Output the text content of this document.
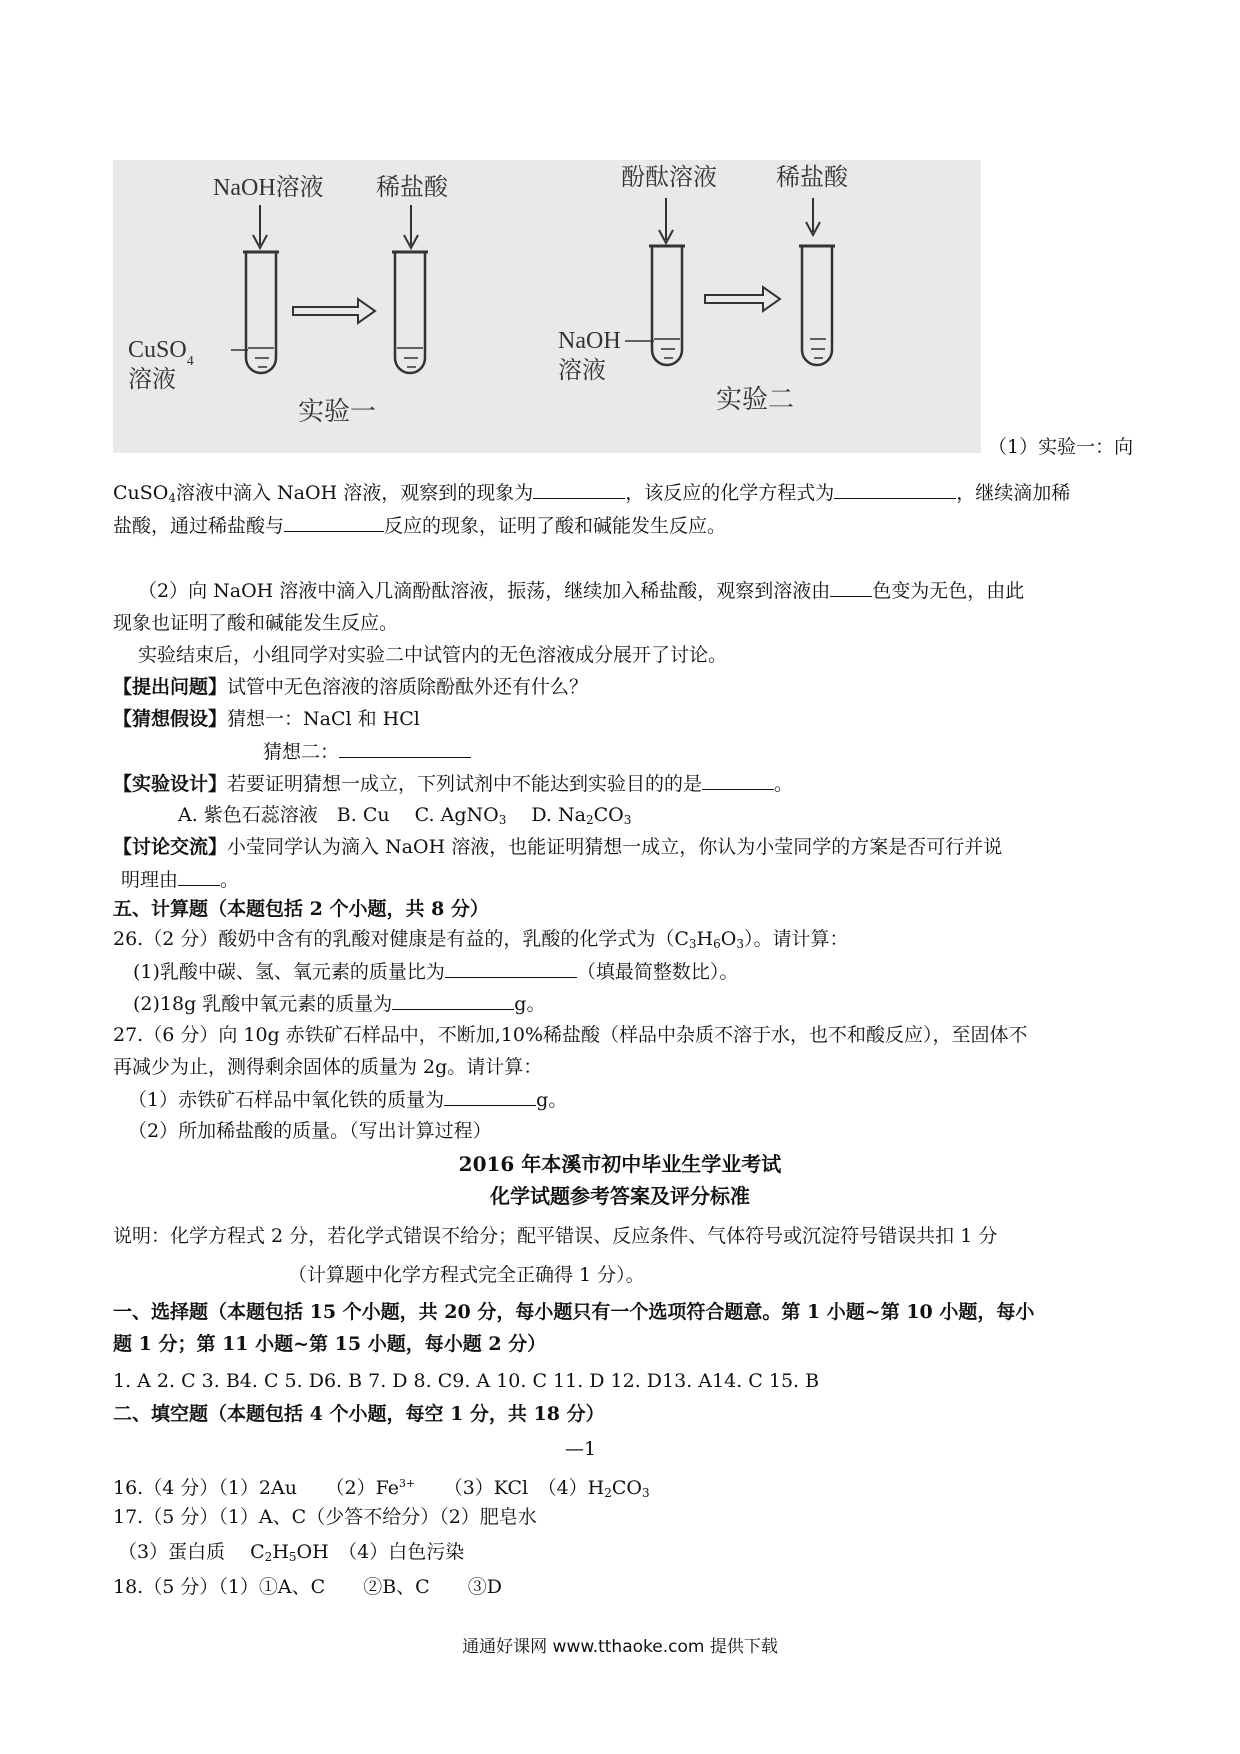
NaOH溶液 稀盐酸
CuSO$_4$
溶液
实验一
酚酞溶液 稀盐酸
NaOH
溶液
实验二
（1）实验一：向
CuSO$_4$溶液中滴入 NaOH 溶液，观察到的现象为	，该反应的化学方程式为	，继续滴加稀
盐酸，通过稀盐酸与	反应的现象，证明了酸和碱能发生反应。
（2）向 NaOH 溶液中滴入几滴酚酞溶液，振荡，继续加入稀盐酸，观察到溶液由 色变为无色，由此
现象也证明了酸和碱能发生反应。
实验结束后，小组同学对实验二中试管内的无色溶液成分展开了讨论。
【提出问题】试管中无色溶液的溶质除酚酞外还有什么？
【猜想假设】猜想一：NaCl 和 HCl
猜想二：
【实验设计】若要证明猜想一成立，下列试剂中不能达到实验目的的是	。
A. 紫色石蕊溶液　B. Cu　 C. AgNO$_3$　 D. $Na_2CO_3$
【讨论交流】小莹同学认为滴入 NaOH 溶液，也能证明猜想一成立，你认为小莹同学的方案是否可行并说
明理由 。
五、计算题（本题包括 2 个小题，共 8 分）
26.（2 分）酸奶中含有的乳酸对健康是有益的，乳酸的化学式为$(C_3H_6O_3)$。请计算：
(1)乳酸中碳、氢、氧元素的质量比为	（填最简整数比）。
(2)18g 乳酸中氧元素的质量为	g。
27.（6 分）向 10g 赤铁矿石样品中，不断加,10%稀盐酸（样品中杂质不溶于水，也不和酸反应），至固体不
再减少为止，测得剩余固体的质量为 2g。请计算：
（1）赤铁矿石样品中氧化铁的质量为	g。
（2）所加稀盐酸的质量。（写出计算过程）
2016 年本溪市初中毕业生学业考试
化学试题参考答案及评分标准
说明：化学方程式 2 分，若化学式错误不给分；配平错误、反应条件、气体符号或沉淀符号错误共扣 1 分
（计算题中化学方程式完全正确得 1 分）。
一、选择题（本题包括 15 个小题，共 20 分，每小题只有一个选项符合题意。第 1 小题~第 10 小题，每小
题 1 分；第 11 小题~第 15 小题，每小题 2 分）
1. A 2. C 3. B4. C 5. D6. B 7. D 8. C9. A 10. C 11. D 12. D13. A14. C 15. B
二、填空题（本题包括 4 个小题，每空 1 分，共 18 分）
—1
16.（4 分）（1）2Au　　$(2)Fe^{3+}$　　（3）KCl　$(4)H_2CO_3$
17.（5 分）（1）A、C（少答不给分）（2）肥皂水
（3）蛋白质　 $C_2H_5OH$　（4）白色污染
18.（5 分）（1）①A、C　　②B、C　　③D
通通好课网 www.tthaoke.com 提供下载
